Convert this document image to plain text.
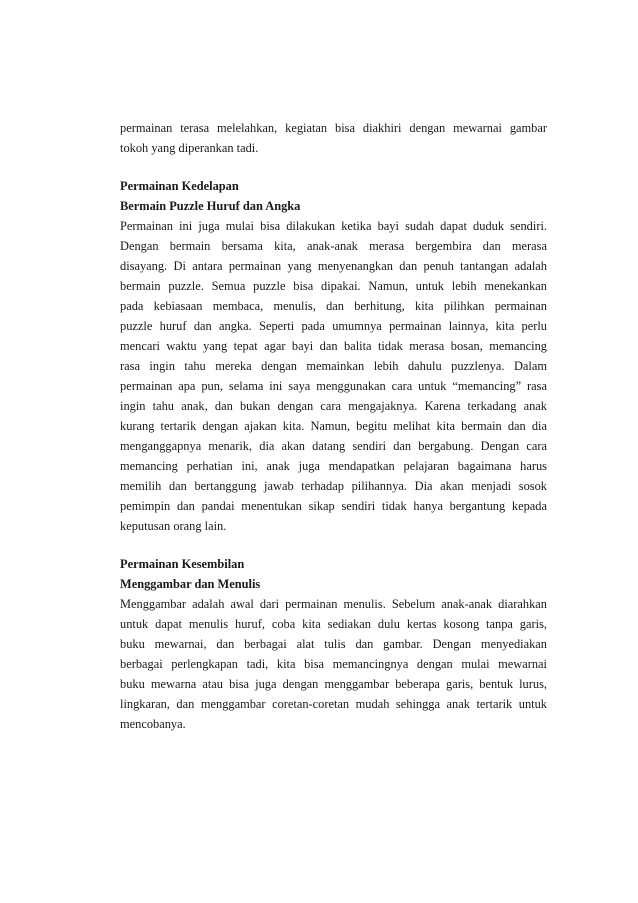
permainan terasa melelahkan, kegiatan bisa diakhiri dengan mewarnai gambar
tokoh yang diperankan tadi.
Permainan Kedelapan
Bermain Puzzle Huruf dan Angka
Permainan ini juga mulai bisa dilakukan ketika bayi sudah dapat duduk sendiri.
Dengan bermain bersama kita, anak-anak merasa bergembira dan merasa
disayang. Di antara permainan yang menyenangkan dan penuh tantangan adalah
bermain puzzle. Semua puzzle bisa dipakai. Namun, untuk lebih menekankan
pada kebiasaan membaca, menulis, dan berhitung, kita pilihkan permainan
puzzle huruf dan angka. Seperti pada umumnya permainan lainnya, kita perlu
mencari waktu yang tepat agar bayi dan balita tidak merasa bosan, memancing
rasa ingin tahu mereka dengan memainkan lebih dahulu puzzlenya. Dalam
permainan apa pun, selama ini saya menggunakan cara untuk “memancing” rasa
ingin tahu anak, dan bukan dengan cara mengajaknya. Karena terkadang anak
kurang tertarik dengan ajakan kita. Namun, begitu melihat kita bermain dan dia
menganggapnya menarik, dia akan datang sendiri dan bergabung. Dengan cara
memancing perhatian ini, anak juga mendapatkan pelajaran bagaimana harus
memilih dan bertanggung jawab terhadap pilihannya. Dia akan menjadi sosok
pemimpin dan pandai menentukan sikap sendiri tidak hanya bergantung kepada
keputusan orang lain.
Permainan Kesembilan
Menggambar dan Menulis
Menggambar adalah awal dari permainan menulis. Sebelum anak-anak diarahkan
untuk dapat menulis huruf, coba kita sediakan dulu kertas kosong tanpa garis,
buku mewarnai, dan berbagai alat tulis dan gambar. Dengan menyediakan
berbagai perlengkapan tadi, kita bisa memancingnya dengan mulai mewarnai
buku mewarna atau bisa juga dengan menggambar beberapa garis, bentuk lurus,
lingkaran, dan menggambar coretan-coretan mudah sehingga anak tertarik untuk
mencobanya.
